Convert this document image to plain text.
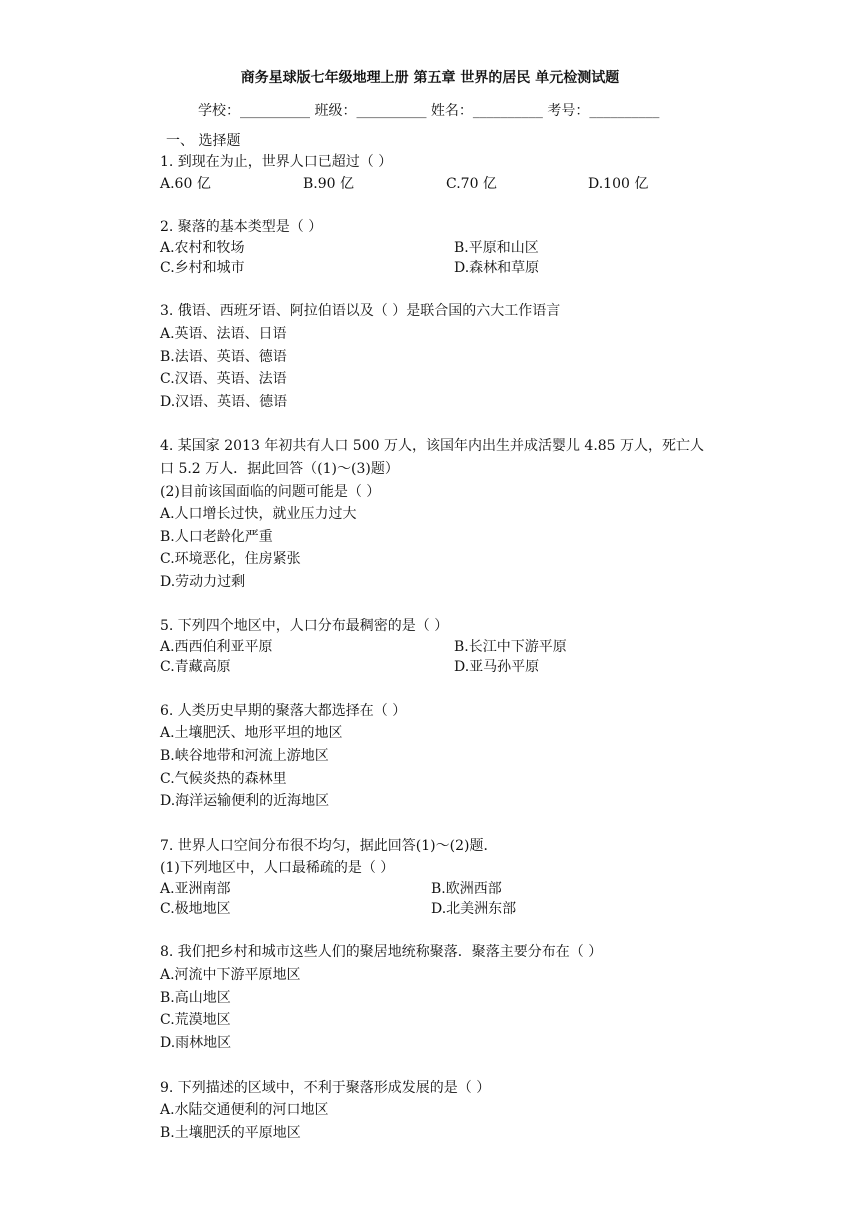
商务星球版七年级地理上册 第五章 世界的居民 单元检测试题
学校：__________ 班级：__________ 姓名：__________ 考号：__________
一、 选择题
1. 到现在为止，世界人口已超过（ ）
A.60 亿	B.90 亿	C.70 亿	D.100 亿
2. 聚落的基本类型是（ ）
A.农村和牧场	B.平原和山区
C.乡村和城市	D.森林和草原
3. 俄语、西班牙语、阿拉伯语以及（ ）是联合国的六大工作语言
A.英语、法语、日语
B.法语、英语、德语
C.汉语、英语、法语
D.汉语、英语、德语
4. 某国家 2013 年初共有人口 500 万人，该国年内出生并成活婴儿 4.85 万人，死亡人
口 5.2 万人．据此回答（(1)～(3)题）
(2)目前该国面临的问题可能是（ ）
A.人口增长过快，就业压力过大
B.人口老龄化严重
C.环境恶化，住房紧张
D.劳动力过剩
5. 下列四个地区中，人口分布最稠密的是（ ）
A.西西伯利亚平原	B.长江中下游平原
C.青藏高原	D.亚马孙平原
6. 人类历史早期的聚落大都选择在（ ）
A.土壤肥沃、地形平坦的地区
B.峡谷地带和河流上游地区
C.气候炎热的森林里
D.海洋运输便利的近海地区
7. 世界人口空间分布很不均匀，据此回答(1)～(2)题．
(1)下列地区中，人口最稀疏的是（ ）
A.亚洲南部	B.欧洲西部
C.极地地区	D.北美洲东部
8. 我们把乡村和城市这些人们的聚居地统称聚落．聚落主要分布在（ ）
A.河流中下游平原地区
B.高山地区
C.荒漠地区
D.雨林地区
9. 下列描述的区域中，不利于聚落形成发展的是（ ）
A.水陆交通便利的河口地区
B.土壤肥沃的平原地区
